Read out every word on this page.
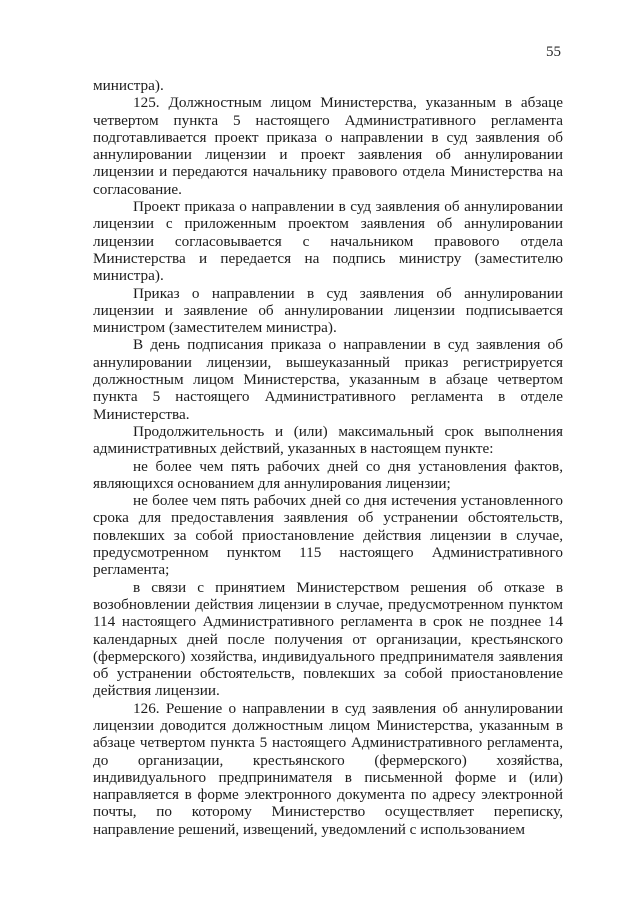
55

министра).

125. Должностным лицом Министерства, указанным в абзаце четвертом пункта 5 настоящего Административного регламента подготавливается проект приказа о направлении в суд заявления об аннулировании лицензии и проект заявления об аннулировании лицензии и передаются начальнику правового отдела Министерства на согласование.

Проект приказа о направлении в суд заявления об аннулировании лицензии с приложенным проектом заявления об аннулировании лицензии согласовывается с начальником правового отдела Министерства и передается на подпись министру (заместителю министра).

Приказ о направлении в суд заявления об аннулировании лицензии и заявление об аннулировании лицензии подписывается министром (заместителем министра).

В день подписания приказа о направлении в суд заявления об аннулировании лицензии, вышеуказанный приказ регистрируется должностным лицом Министерства, указанным в абзаце четвертом пункта 5 настоящего Административного регламента в отделе Министерства.

Продолжительность и (или) максимальный срок выполнения административных действий, указанных в настоящем пункте:

не более чем пять рабочих дней со дня установления фактов, являющихся основанием для аннулирования лицензии;

не более чем пять рабочих дней со дня истечения установленного срока для предоставления заявления об устранении обстоятельств, повлекших за собой приостановление действия лицензии в случае, предусмотренном пунктом 115 настоящего Административного регламента;

в связи с принятием Министерством решения об отказе в возобновлении действия лицензии в случае, предусмотренном пунктом 114 настоящего Административного регламента в срок не позднее 14 календарных дней после получения от организации, крестьянского (фермерского) хозяйства, индивидуального предпринимателя заявления об устранении обстоятельств, повлекших за собой приостановление действия лицензии.

126. Решение о направлении в суд заявления об аннулировании лицензии доводится должностным лицом Министерства, указанным в абзаце четвертом пункта 5 настоящего Административного регламента, до организации, крестьянского (фермерского) хозяйства, индивидуального предпринимателя в письменной форме и (или) направляется в форме электронного документа по адресу электронной почты, по которому Министерство осуществляет переписку, направление решений, извещений, уведомлений с использованием
